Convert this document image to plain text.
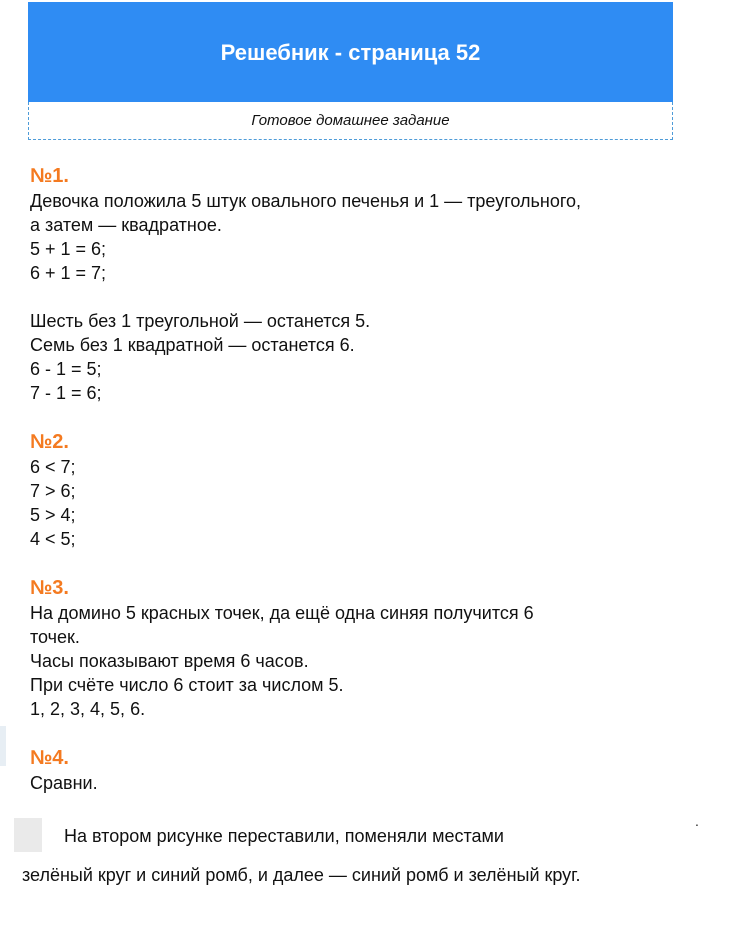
Решебник - страница 52
Готовое домашнее задание
№1.
Девочка положила 5 штук овального печенья и 1 — треугольного,
а затем — квадратное.
5 + 1 = 6;
6 + 1 = 7;
Шесть без 1 треугольной — останется 5.
Семь без 1 квадратной — останется 6.
6 - 1 = 5;
7 - 1 = 6;
№2.
6 < 7;
7 > 6;
5 > 4;
4 < 5;
№3.
На домино 5 красных точек, да ещё одна синяя получится 6
точек.
Часы показывают время 6 часов.
При счёте число 6 стоит за числом 5.
1, 2, 3, 4, 5, 6.
№4.
Сравни.
.
На втором рисунке переставили, поменяли местами
зелёный круг и синий ромб, и далее — синий ромб и зелёный круг.
